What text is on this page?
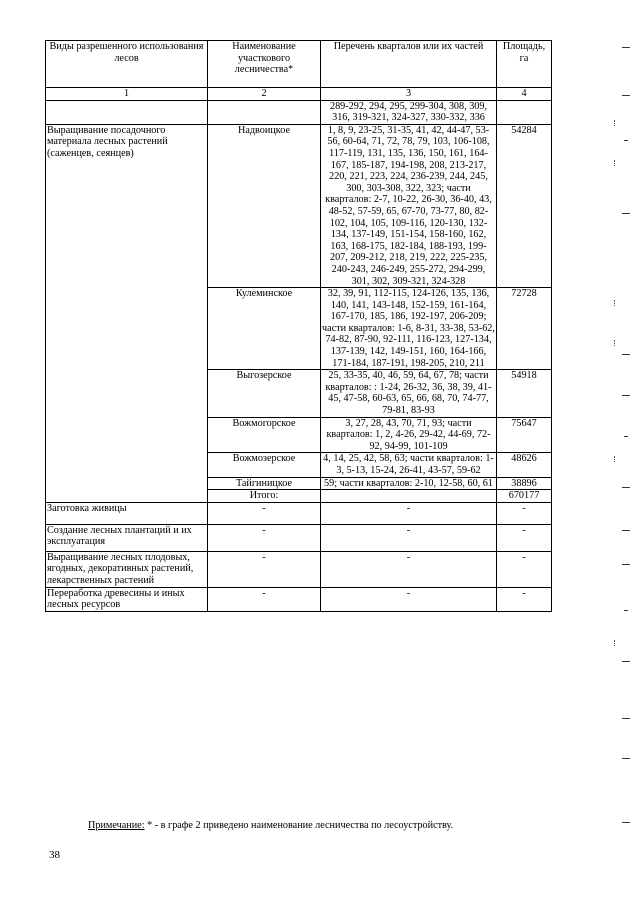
Виды разрешенного использования лесов	Наименование участкового лесничества*	Перечень кварталов или их частей	Площадь, га
1	2	3	4
		289-292, 294, 295, 299-304, 308, 309, 316, 319-321, 324-327, 330-332, 336	
Выращивание посадочного материала лесных растений (саженцев, сеянцев)	Надвоицкое	1, 8, 9, 23-25, 31-35, 41, 42, 44-47, 53-56, 60-64, 71, 72, 78, 79, 103, 106-108, 117-119, 131, 135, 136, 150, 161, 164-167, 185-187, 194-198, 208, 213-217, 220, 221, 223, 224, 236-239, 244, 245, 300, 303-308, 322, 323; части кварталов: 2-7, 10-22, 26-30, 36-40, 43, 48-52, 57-59, 65, 67-70, 73-77, 80, 82-102, 104, 105, 109-116, 120-130, 132-134, 137-149, 151-154, 158-160, 162, 163, 168-175, 182-184, 188-193, 199-207, 209-212, 218, 219, 222, 225-235, 240-243, 246-249, 255-272, 294-299, 301, 302, 309-321, 324-328	54284
	Кулеминское	32, 39, 91, 112-115, 124-126, 135, 136, 140, 141, 143-148, 152-159, 161-164, 167-170, 185, 186, 192-197, 206-209; части кварталов: 1-6, 8-31, 33-38, 53-62, 74-82, 87-90, 92-111, 116-123, 127-134, 137-139, 142, 149-151, 160, 164-166, 171-184, 187-191, 198-205, 210, 211	72728
	Выгозерское	25, 33-35, 40, 46, 59, 64, 67, 78; части кварталов: : 1-24, 26-32, 36, 38, 39, 41-45, 47-58, 60-63, 65, 66, 68, 70, 74-77, 79-81, 83-93	54918
	Вожмогорское	3, 27, 28, 43, 70, 71, 93; части кварталов: 1, 2, 4-26, 29-42, 44-69, 72-92, 94-99, 101-109	75647
	Вожмозерское	4, 14, 25, 42, 58, 63; части кварталов: 1-3, 5-13, 15-24, 26-41, 43-57, 59-62	48626
	Тайгиницкое	59; части кварталов: 2-10, 12-58, 60, 61	38896
	Итого:		670177
Заготовка живицы	-	-	-
Создание лесных плантаций и их эксплуатация	-	-	-
Выращивание лесных плодовых, ягодных, декоративных растений, лекарственных растений	-	-	-
Переработка древесины и иных лесных ресурсов	-	-	-
Примечание: * - в графе 2 приведено наименование лесничества по лесоустройству.
38
